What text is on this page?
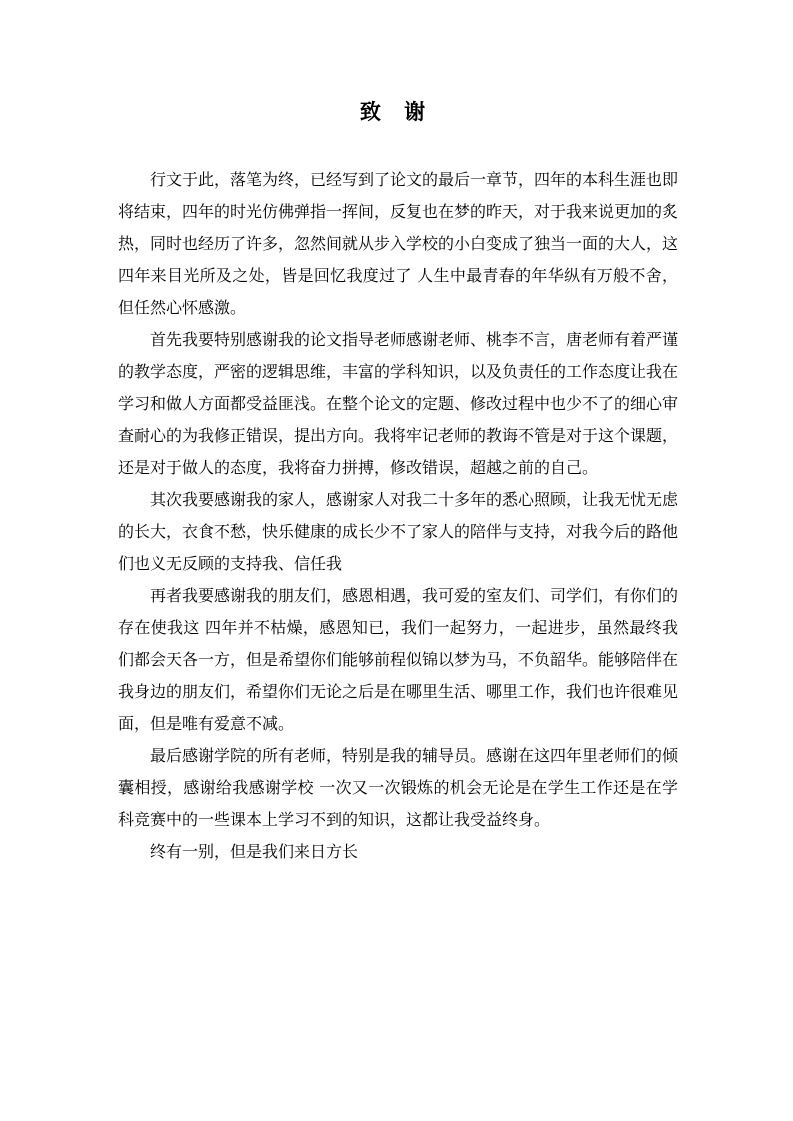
致 谢

行文于此，落笔为终，已经写到了论文的最后一章节，四年的本科生涯也即将结束，四年的时光仿佛弹指一挥间，反复也在梦的昨天，对于我来说更加的炙热，同时也经历了许多，忽然间就从步入学校的小白变成了独当一面的大人，这四年来目光所及之处，皆是回忆我度过了 人生中最青春的年华纵有万般不舍，但任然心怀感激。

首先我要特别感谢我的论文指导老师感谢老师、桃李不言，唐老师有着严谨的教学态度，严密的逻辑思维，丰富的学科知识，以及负责任的工作态度让我在学习和做人方面都受益匪浅。在整个论文的定题、修改过程中也少不了的细心审查耐心的为我修正错误，提出方向。我将牢记老师的教诲不管是对于这个课题，还是对于做人的态度，我将奋力拼搏，修改错误，超越之前的自己。

其次我要感谢我的家人，感谢家人对我二十多年的悉心照顾，让我无忧无虑的长大，衣食不愁，快乐健康的成长少不了家人的陪伴与支持，对我今后的路他们也义无反顾的支持我、信任我

再者我要感谢我的朋友们，感恩相遇，我可爱的室友们、司学们，有你们的存在使我这 四年并不枯燥，感恩知已，我们一起努力，一起进步，虽然最终我们都会天各一方，但是希望你们能够前程似锦以梦为马，不负韶华。能够陪伴在我身边的朋友们，希望你们无论之后是在哪里生活、哪里工作，我们也许很难见面，但是唯有爱意不减。

最后感谢学院的所有老师，特别是我的辅导员。感谢在这四年里老师们的倾囊相授，感谢给我感谢学校 一次又一次锻炼的机会无论是在学生工作还是在学科竞赛中的一些课本上学习不到的知识，这都让我受益终身。

终有一别，但是我们来日方长
